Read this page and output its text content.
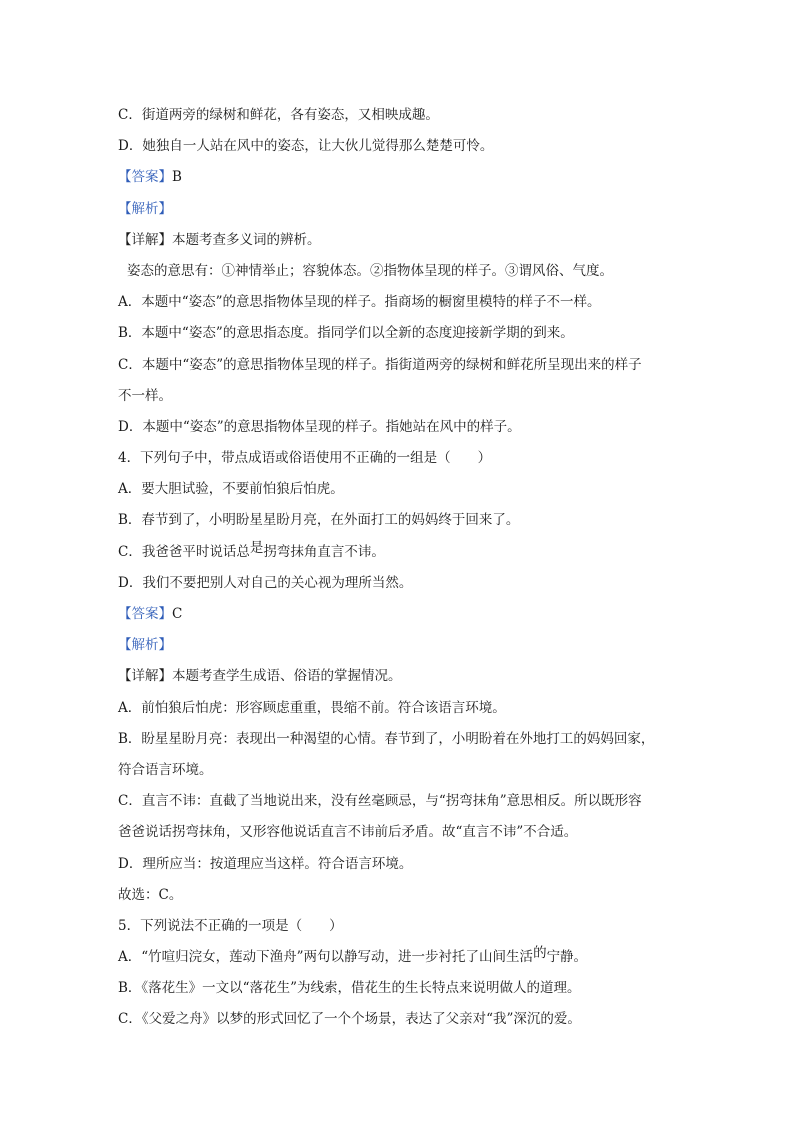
C．街道两旁的绿树和鲜花，各有姿态，又相映成趣。
D．她独自一人站在风中的姿态，让大伙儿觉得那么楚楚可怜。
【答案】B
【解析】
【详解】本题考查多义词的辨析。
姿态的意思有：①神情举止；容貌体态。②指物体呈现的样子。③谓风俗、气度。
A．本题中“姿态”的意思指物体呈现的样子。指商场的橱窗里模特的样子不一样。
B．本题中“姿态”的意思指态度。指同学们以全新的态度迎接新学期的到来。
C．本题中“姿态”的意思指物体呈现的样子。指街道两旁的绿树和鲜花所呈现出来的样子
不一样。
D．本题中“姿态”的意思指物体呈现的样子。指她站在风中的样子。
4．下列句子中，带点成语或俗语使用不正确的一组是（　　）
A．要大胆试验，不要前怕狼后怕虎。
B．春节到了，小明盼星星盼月亮，在外面打工的妈妈终于回来了。
C．我爸爸平时说话总是拐弯抹角直言不讳。
D．我们不要把别人对自己的关心视为理所当然。
【答案】C
【解析】
【详解】本题考查学生成语、俗语的掌握情况。
A．前怕狼后怕虎：形容顾虑重重，畏缩不前。符合该语言环境。
B．盼星星盼月亮：表现出一种渴望的心情。春节到了，小明盼着在外地打工的妈妈回家，
符合语言环境。
C．直言不讳：直截了当地说出来，没有丝毫顾忌，与“拐弯抹角”意思相反。所以既形容
爸爸说话拐弯抹角，又形容他说话直言不讳前后矛盾。故“直言不讳”不合适。
D．理所应当：按道理应当这样。符合语言环境。
故选：C。
5．下列说法不正确的一项是（　　）
A．“竹喧归浣女，莲动下渔舟”两句以静写动，进一步衬托了山间生活的宁静。
B．《落花生》一文以“落花生”为线索，借花生的生长特点来说明做人的道理。
C．《父爱之舟》以梦的形式回忆了一个个场景，表达了父亲对“我”深沉的爱。
